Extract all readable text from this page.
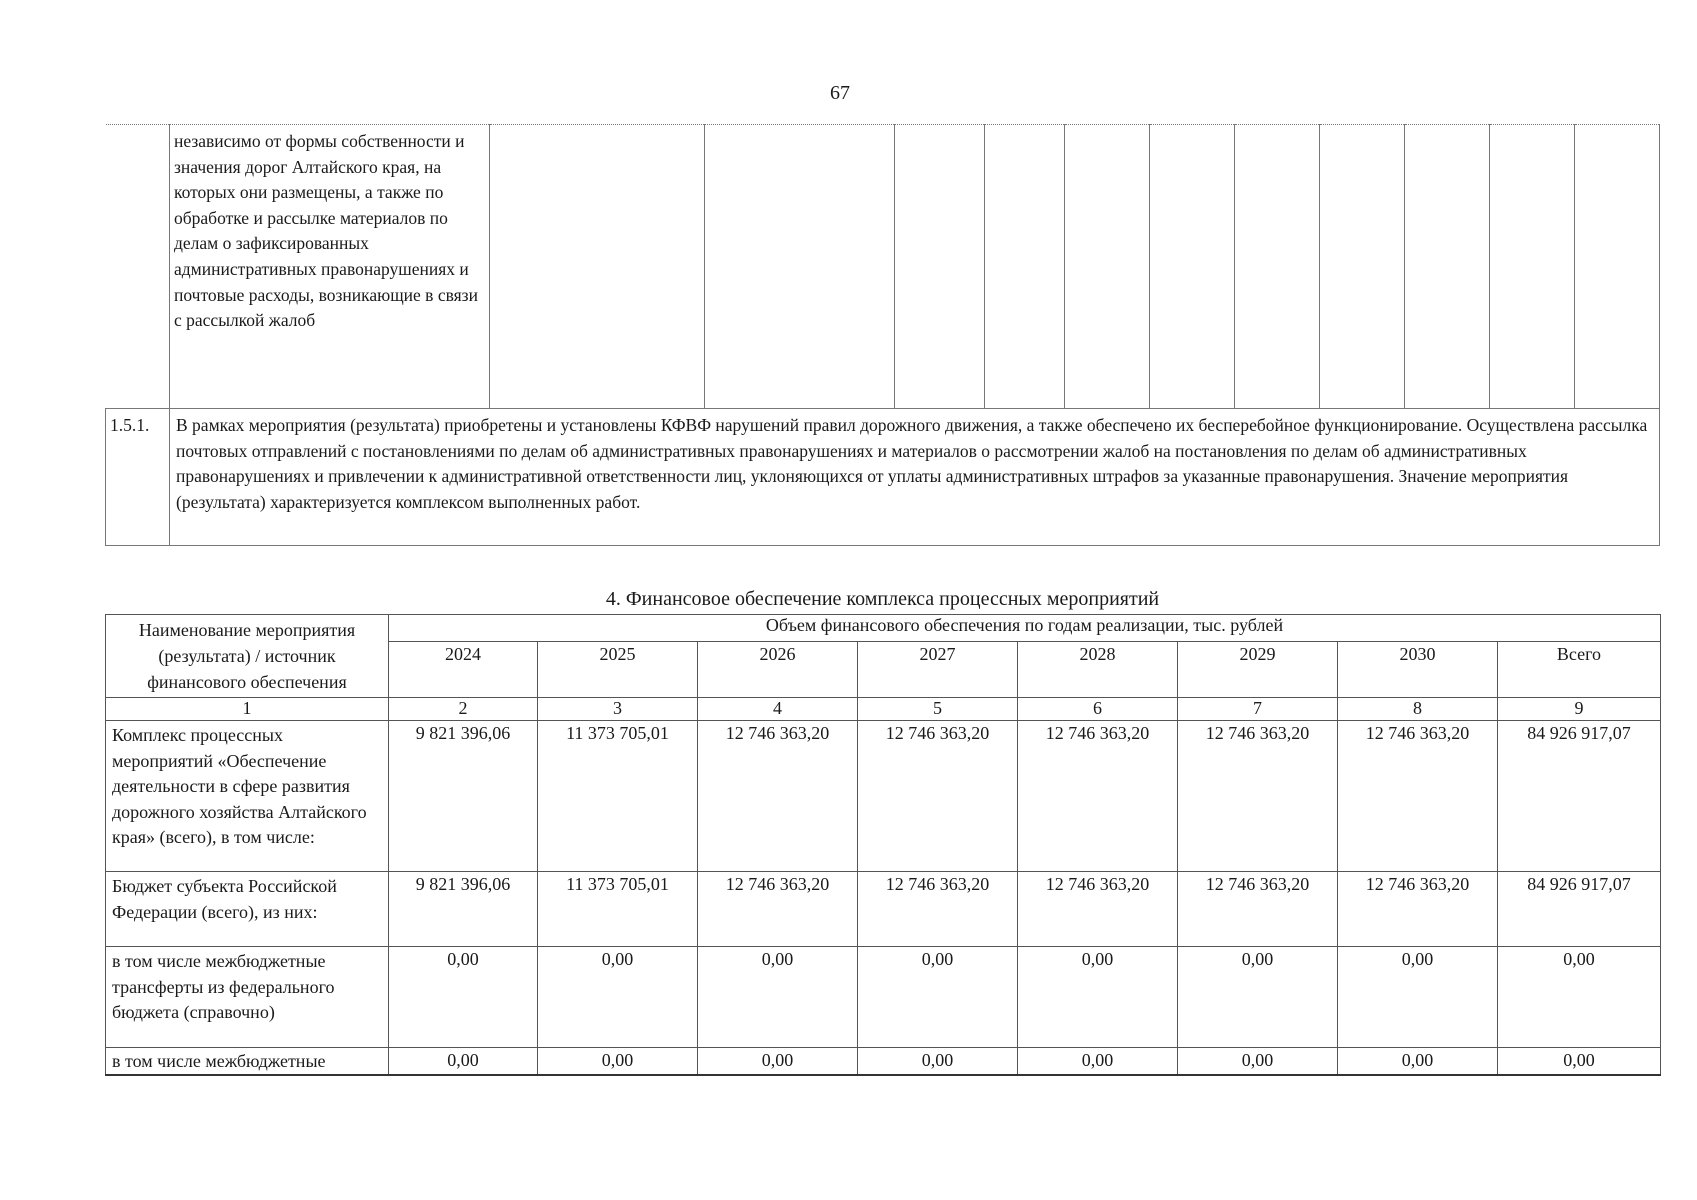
67

	независимо от формы собственности и значения дорог Алтайского края, на которых они размещены, а также по обработке и рассылке материалов по делам о зафиксированных административных правонарушениях и почтовые расходы, возникающие в связи с рассылкой жалоб											

1.5.1.	В рамках мероприятия (результата) приобретены и установлены КФВФ нарушений правил дорожного движения, а также обеспечено их бесперебойное функционирование. Осуществлена рассылка почтовых отправлений с постановлениями по делам об административных правонарушениях и материалов о рассмотрении жалоб на постановления по делам об административных правонарушениях и привлечении к административной ответственности лиц, уклоняющихся от уплаты административных штрафов за указанные правонарушения. Значение мероприятия (результата) характеризуется комплексом выполненных работ.											
4. Финансовое обеспечение комплекса процессных мероприятий
Наименование мероприятия (результата) / источник финансового обеспечения	Объем финансового обеспечения по годам реализации, тыс. рублей							
	2024	2025	2026	2027	2028	2029	2030	Всего
1	2	3	4	5	6	7	8	9
Комплекс процессных мероприятий «Обеспечение деятельности в сфере развития дорожного хозяйства Алтайского края» (всего), в том числе:	9 821 396,06	11 373 705,01	12 746 363,20	12 746 363,20	12 746 363,20	12 746 363,20	12 746 363,20	84 926 917,07
Бюджет субъекта Российской Федерации (всего), из них:	9 821 396,06	11 373 705,01	12 746 363,20	12 746 363,20	12 746 363,20	12 746 363,20	12 746 363,20	84 926 917,07
в том числе межбюджетные трансферты из федерального бюджета (справочно)	0,00	0,00	0,00	0,00	0,00	0,00	0,00	0,00
в том числе межбюджетные	0,00	0,00	0,00	0,00	0,00	0,00	0,00	0,00
